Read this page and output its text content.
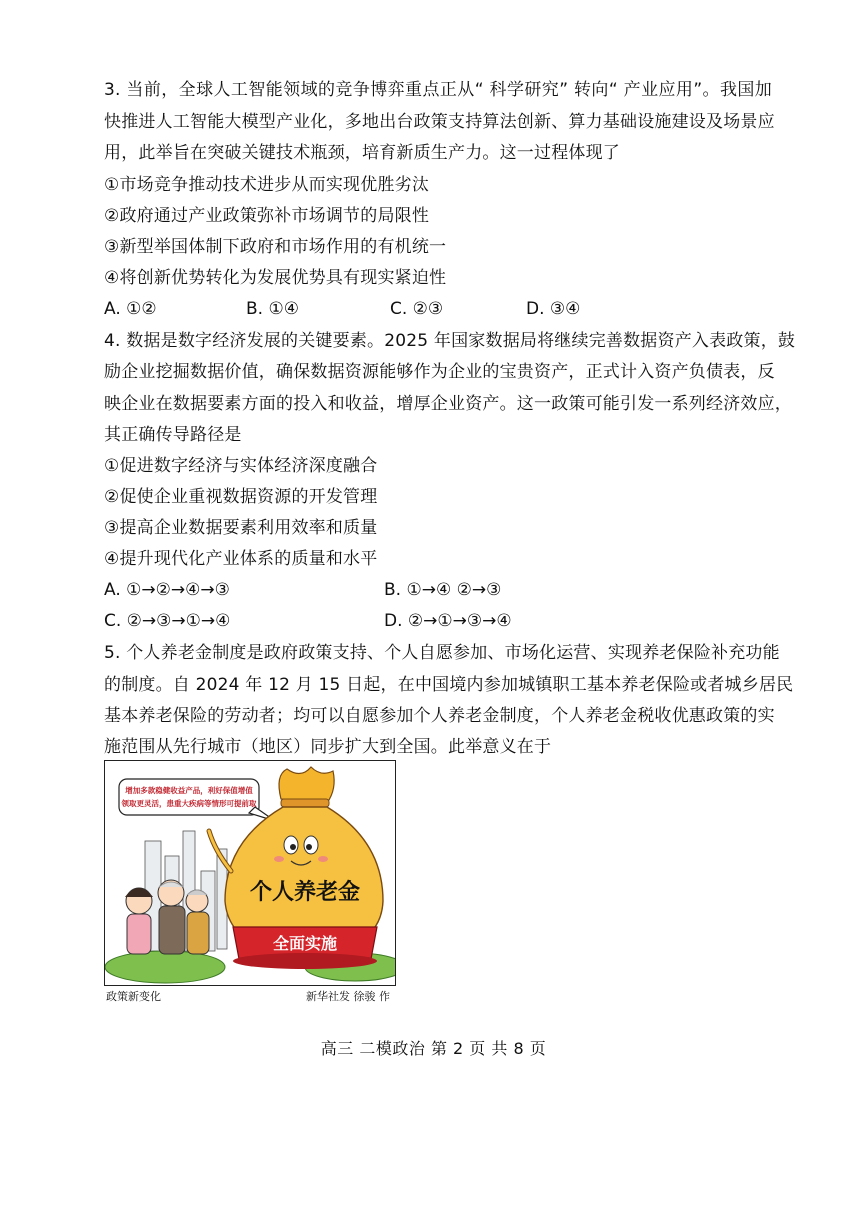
3. 当前，全球人工智能领域的竞争博弈重点正从“ 科学研究” 转向“ 产业应用”。我国加
快推进人工智能大模型产业化，多地出台政策支持算法创新、算力基础设施建设及场景应
用，此举旨在突破关键技术瓶颈，培育新质生产力。这一过程体现了
①市场竞争推动技术进步从而实现优胜劣汰
②政府通过产业政策弥补市场调节的局限性
③新型举国体制下政府和市场作用的有机统一
④将创新优势转化为发展优势具有现实紧迫性
A. ①②	B. ①④	C. ②③	D. ③④
4. 数据是数字经济发展的关键要素。2025 年国家数据局将继续完善数据资产入表政策，鼓
励企业挖掘数据价值，确保数据资源能够作为企业的宝贵资产，正式计入资产负债表，反
映企业在数据要素方面的投入和收益，增厚企业资产。这一政策可能引发一系列经济效应，
其正确传导路径是
①促进数字经济与实体经济深度融合
②促使企业重视数据资源的开发管理
③提高企业数据要素利用效率和质量
④提升现代化产业体系的质量和水平
A. ①→②→④→③	B. ①→④ ②→③
C. ②→③→①→④	D. ②→①→③→④
5. 个人养老金制度是政府政策支持、个人自愿参加、市场化运营、实现养老保险补充功能
的制度。自 2024 年 12 月 15 日起，在中国境内参加城镇职工基本养老保险或者城乡居民
基本养老保险的劳动者；均可以自愿参加个人养老金制度，个人养老金税收优惠政策的实
施范围从先行城市（地区）同步扩大到全国。此举意义在于
增加多款稳健收益产品，利好保值增值
领取更灵活，患重大疾病等情形可提前取
个人养老金
全面实施
政策新变化	新华社发 徐骏 作
高三 二模政治 第 2 页 共 8 页
